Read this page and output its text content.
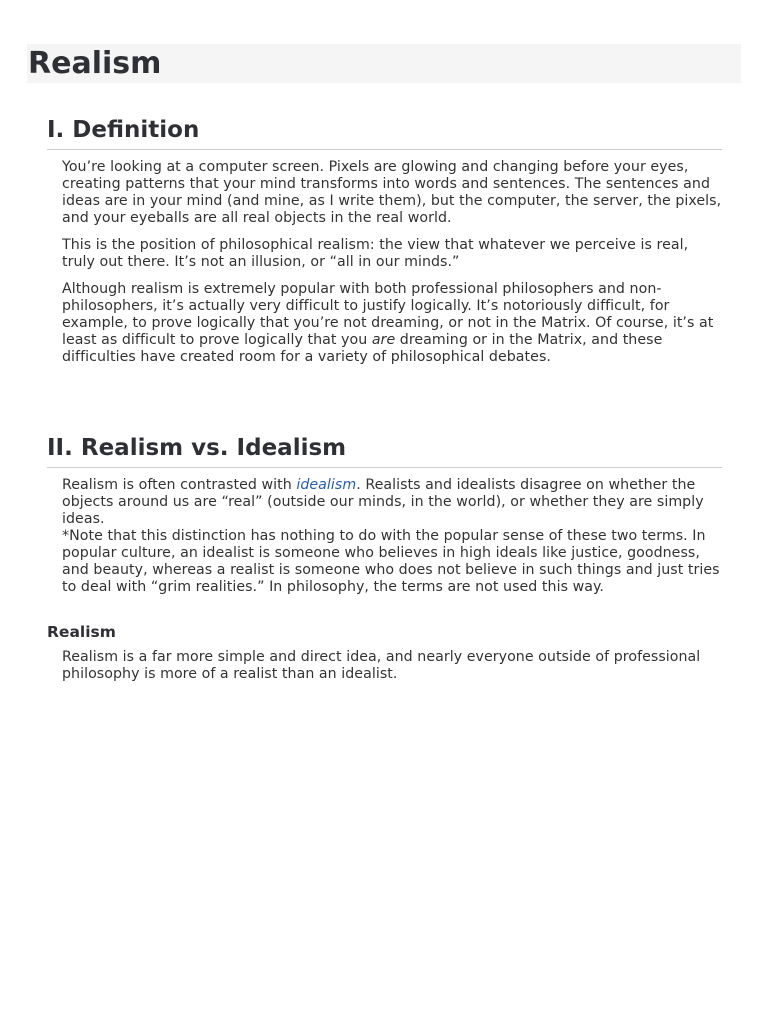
Realism
I. Definition

You’re looking at a computer screen. Pixels are glowing and changing before your eyes, creating patterns that your mind transforms into words and sentences. The sentences and ideas are in your mind (and mine, as I write them), but the computer, the server, the pixels, and your eyeballs are all real objects in the real world.

This is the position of philosophical realism: the view that whatever we perceive is real, truly out there. It’s not an illusion, or “all in our minds.”

Although realism is extremely popular with both professional philosophers and non-philosophers, it’s actually very difficult to justify logically. It’s notoriously difficult, for example, to prove logically that you’re not dreaming, or not in the Matrix. Of course, it’s at least as difficult to prove logically that you are dreaming or in the Matrix, and these difficulties have created room for a variety of philosophical debates.

II. Realism vs. Idealism

Realism is often contrasted with idealism. Realists and idealists disagree on whether the objects around us are “real” (outside our minds, in the world), or whether they are simply ideas.

*Note that this distinction has nothing to do with the popular sense of these two terms. In popular culture, an idealist is someone who believes in high ideals like justice, goodness, and beauty, whereas a realist is someone who does not believe in such things and just tries to deal with “grim realities.” In philosophy, the terms are not used this way.

Realism

Realism is a far more simple and direct idea, and nearly everyone outside of professional philosophy is more of a realist than an idealist.
